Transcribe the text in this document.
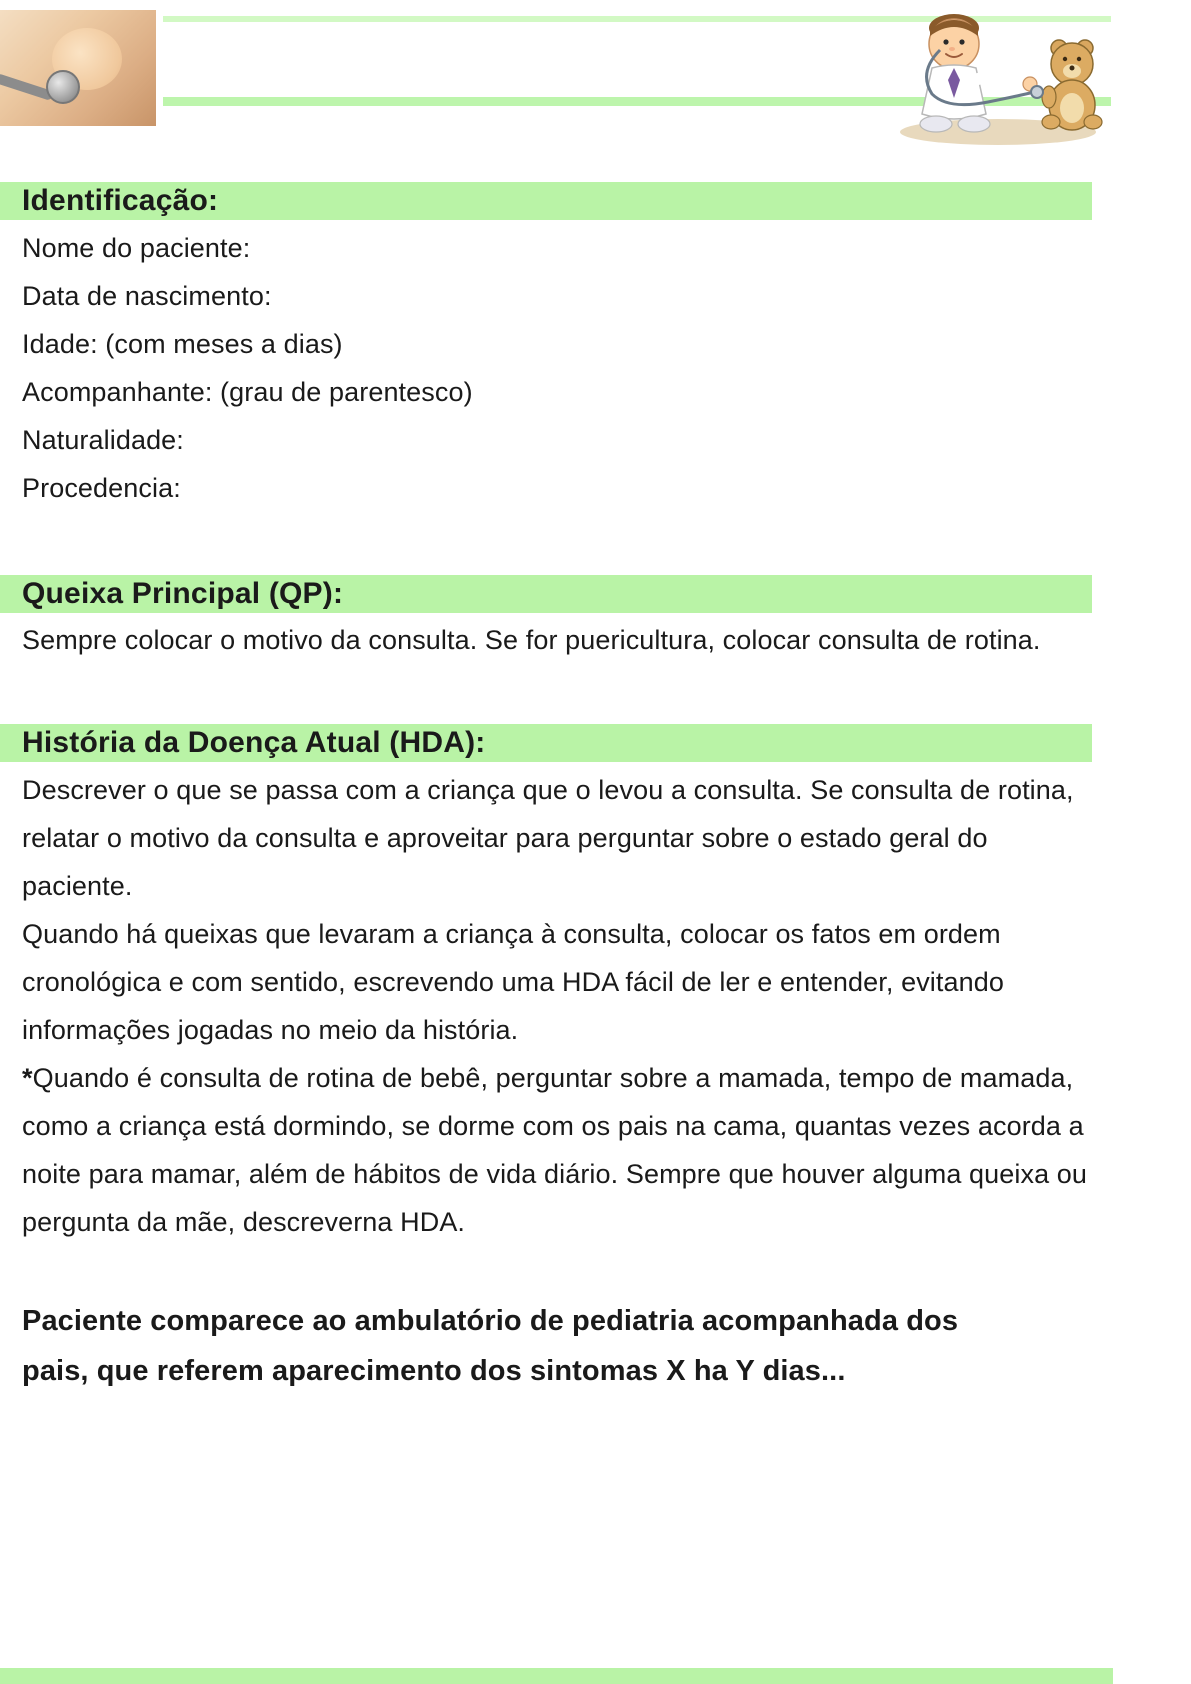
Identificação:
Nome do paciente:
Data de nascimento:
Idade: (com meses a dias)
Acompanhante: (grau de parentesco)
Naturalidade:
Procedencia:
Queixa Principal (QP):
Sempre colocar o motivo da consulta. Se for puericultura, colocar consulta de rotina.
História da Doença Atual (HDA):

Descrever o que se passa com a criança que o levou a consulta. Se consulta de rotina, relatar o motivo da consulta e aproveitar para perguntar sobre o estado geral do paciente.

Quando há queixas que levaram a criança à consulta, colocar os fatos em ordem cronológica e com sentido, escrevendo uma HDA fácil de ler e entender, evitando informações jogadas no meio da história.

*Quando é consulta de rotina de bebê, perguntar sobre a mamada, tempo de mamada, como a criança está dormindo, se dorme com os pais na cama, quantas vezes acorda a noite para mamar, além de hábitos de vida diário. Sempre que houver alguma queixa ou pergunta da mãe, descreverna HDA.
Paciente comparece ao ambulatório de pediatria acompanhada dos pais, que referem aparecimento dos sintomas X ha Y dias...
